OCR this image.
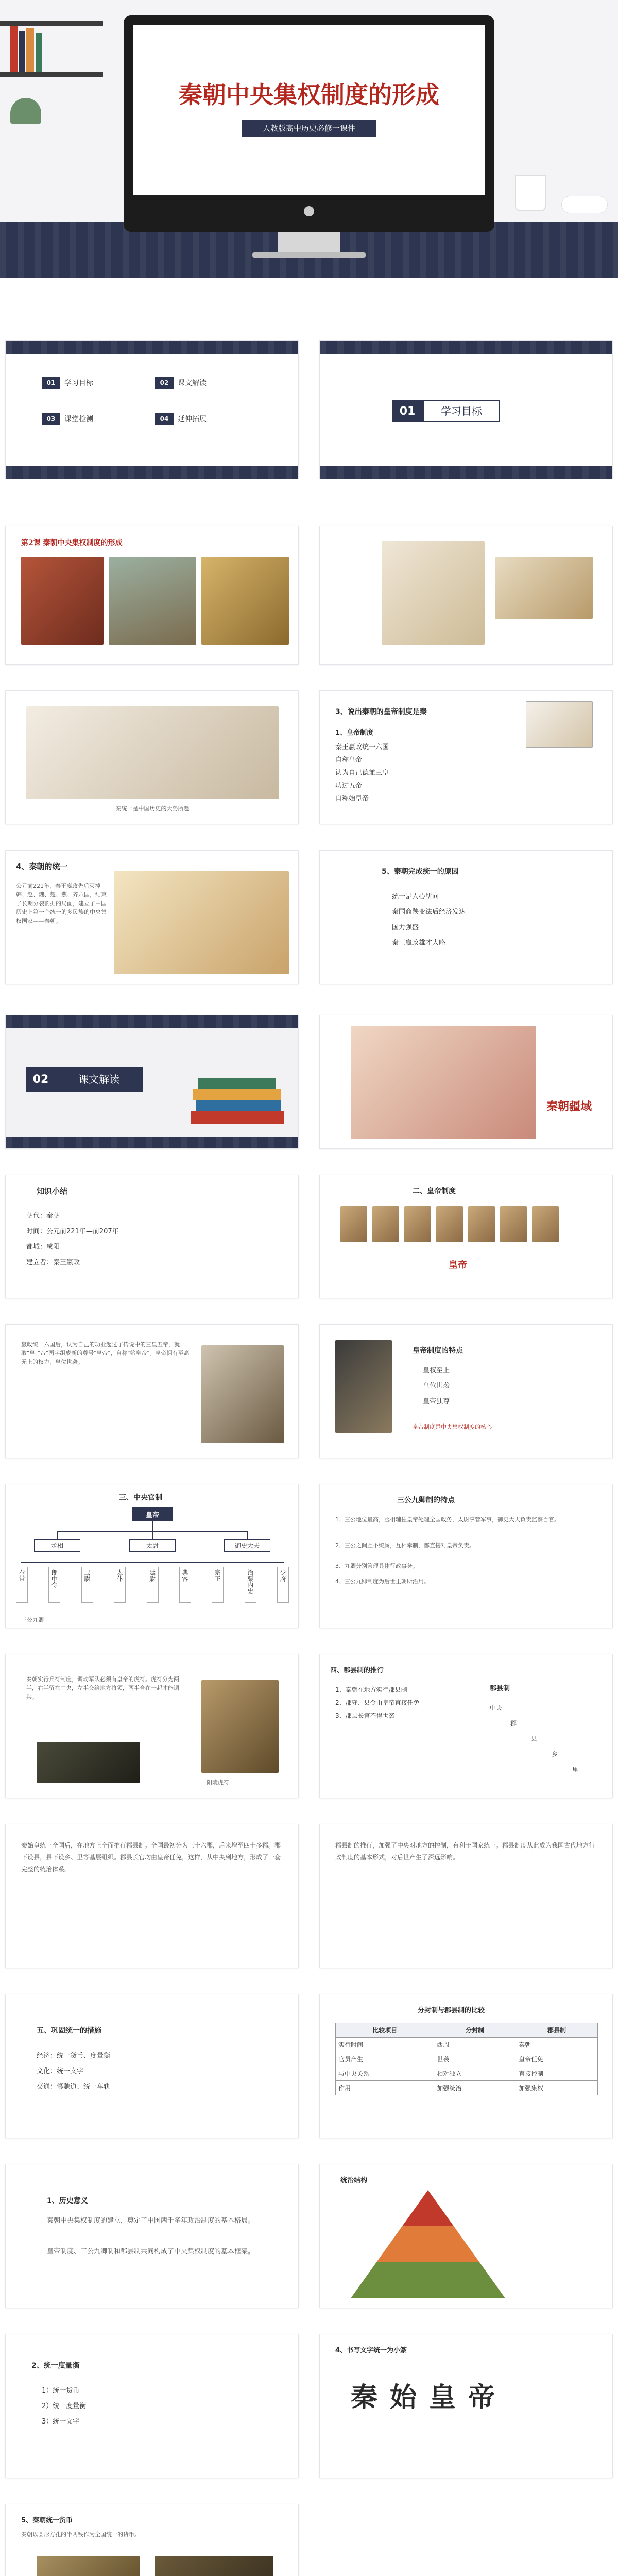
秦朝中央集权制度的形成
人教版高中历史必修一课件
01	学习目标	02	课文解读
03	课堂检测	04	延伸拓展
01	学习目标
第2课 秦朝中央集权制度的形成
秦统一是中国历史的大势所趋
3、说出秦朝的皇帝制度是秦
1、皇帝制度
秦王嬴政统一六国
自称皇帝
认为自己德兼三皇
功过五帝
自称始皇帝
4、秦朝的统一
公元前221年，秦王嬴政先后灭掉韩、赵、魏、楚、燕、齐六国，结束了长期分裂割据的局面，建立了中国历史上第一个统一的多民族的中央集权国家——秦朝。
5、秦朝完成统一的原因
统一是人心所向
秦国商鞅变法后经济发达
国力强盛
秦王嬴政雄才大略
02	课文解读
秦朝疆域
知识小结
朝代：秦朝
时间：公元前221年—前207年
都城：咸阳
建立者：秦王嬴政
二、皇帝制度
皇帝
嬴政统一六国后，认为自己的功业超过了传说中的三皇五帝，就取"皇""帝"两字组成新的尊号"皇帝"，自称"始皇帝"。皇帝拥有至高无上的权力，皇位世袭。
皇帝制度的特点
皇权至上
皇位世袭
皇帝独尊
皇帝制度是中央集权制度的核心
三、中央官制
皇帝
丞相	太尉	御史大夫
奉常	郎中令	卫尉	太仆	廷尉	典客	宗正	治粟内史	少府
三公九卿
三公九卿制的特点
1、三公地位最高，丞相辅佐皇帝处理全国政务，太尉掌管军事，御史大夫负责监察百官。
2、三公之间互不统属，互相牵制，都直接对皇帝负责。
3、九卿分别管理具体行政事务。
4、三公九卿制度为后世王朝所沿用。
秦朝实行兵符制度，调动军队必须有皇帝的虎符。虎符分为两半，右半留在中央，左半交给地方将领，两半合在一起才能调兵。
阳陵虎符
四、郡县制的推行
1、秦朝在地方实行郡县制
2、郡守、县令由皇帝直接任免
3、郡县长官不得世袭
郡县制
中央
郡
县
乡
里
秦始皇统一全国后，在地方上全面推行郡县制。全国最初分为三十六郡，后来增至四十多郡。郡下设县，县下设乡、里等基层组织。郡县长官均由皇帝任免，这样，从中央到地方，形成了一套完整的统治体系。
郡县制的推行，加强了中央对地方的控制，有利于国家统一。郡县制度从此成为我国古代地方行政制度的基本形式，对后世产生了深远影响。
五、巩固统一的措施
经济：统一货币、度量衡
文化：统一文字
交通：修驰道、统一车轨
分封制与郡县制的比较
比较项目	分封制	郡县制
实行时间	西周	秦朝
官员产生	世袭	皇帝任免
与中央关系	相对独立	直接控制
作用	加强统治	加强集权
1、历史意义
秦朝中央集权制度的建立，奠定了中国两千多年政治制度的基本格局。
皇帝制度、三公九卿制和郡县制共同构成了中央集权制度的基本框架。
统治结构
2、统一度量衡
1）统一货币
2）统一度量衡
3）统一文字
4、书写文字统一为小篆
秦 始 皇 帝
5、秦朝统一货币
秦朝以圆形方孔的半两钱作为全国统一的货币。
